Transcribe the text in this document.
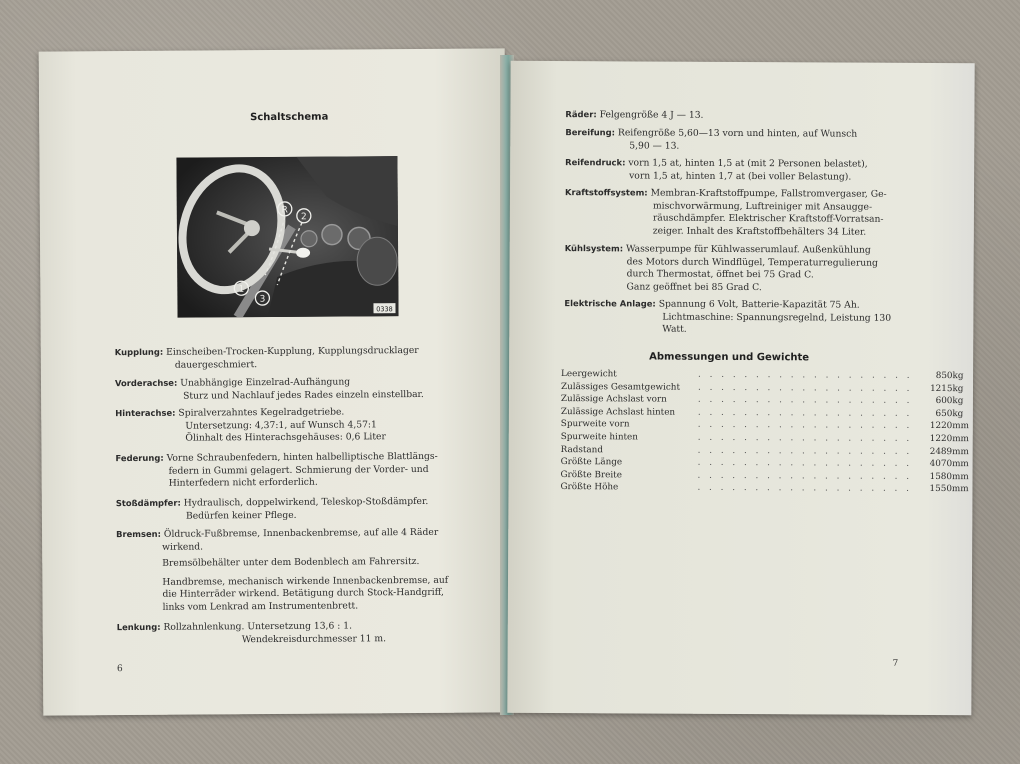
Schaltschema
R
2
1
3
0338
Kupplung: Einscheiben-Trocken-Kupplung, Kupplungsdrucklager
dauergeschmiert.
Vorderachse: Unabhängige Einzelrad-Aufhängung
Sturz und Nachlauf jedes Rades einzeln einstellbar.
Hinterachse: Spiralverzahntes Kegelradgetriebe.
Untersetzung: 4,37:1, auf Wunsch 4,57:1
Ölinhalt des Hinterachsgehäuses: 0,6 Liter
Federung: Vorne Schraubenfedern, hinten halbelliptische Blattlängs-
federn in Gummi gelagert. Schmierung der Vorder- und
Hinterfedern nicht erforderlich.
Stoßdämpfer: Hydraulisch, doppelwirkend, Teleskop-Stoßdämpfer.
Bedürfen keiner Pflege.
Bremsen: Öldruck-Fußbremse, Innenbackenbremse, auf alle 4 Räder
wirkend.
Bremsölbehälter unter dem Bodenblech am Fahrersitz.
Handbremse, mechanisch wirkende Innenbackenbremse, auf
die Hinterräder wirkend. Betätigung durch Stock-Handgriff,
links vom Lenkrad am Instrumentenbrett.
Lenkung: Rollzahnlenkung. Untersetzung 13,6 : 1.
Wendekreisdurchmesser 11 m.
6
Räder: Felgengröße 4 J — 13.
Bereifung: Reifengröße 5,60—13 vorn und hinten, auf Wunsch
5,90 — 13.
Reifendruck: vorn 1,5 at, hinten 1,5 at (mit 2 Personen belastet),
vorn 1,5 at, hinten 1,7 at (bei voller Belastung).
Kraftstoffsystem: Membran-Kraftstoffpumpe, Fallstromvergaser, Ge-
mischvorwärmung, Luftreiniger mit Ansaugge-
räuschdämpfer. Elektrischer Kraftstoff-Vorratsan-
zeiger. Inhalt des Kraftstoffbehälters 34 Liter.
Kühlsystem: Wasserpumpe für Kühlwasserumlauf. Außenkühlung
des Motors durch Windflügel, Temperaturregulierung
durch Thermostat, öffnet bei 75 Grad C.
Ganz geöffnet bei 85 Grad C.
Elektrische Anlage: Spannung 6 Volt, Batterie-Kapazität 75 Ah.
Lichtmaschine: Spannungsregelnd, Leistung 130
Watt.
Abmessungen und Gewichte
Leergewicht	. . . . . . . . . . . . . . . . . . .	850	kg
Zulässiges Gesamtgewicht	. . . . . . . . . . . . . . . . . . .	1215	kg
Zulässige Achslast vorn	. . . . . . . . . . . . . . . . . . .	600	kg
Zulässige Achslast hinten	. . . . . . . . . . . . . . . . . . .	650	kg
Spurweite vorn	. . . . . . . . . . . . . . . . . . .	1220	mm
Spurweite hinten	. . . . . . . . . . . . . . . . . . .	1220	mm
Radstand	. . . . . . . . . . . . . . . . . . .	2489	mm
Größte Länge	. . . . . . . . . . . . . . . . . . .	4070	mm
Größte Breite	. . . . . . . . . . . . . . . . . . .	1580	mm
Größte Höhe	. . . . . . . . . . . . . . . . . . .	1550	mm
7
